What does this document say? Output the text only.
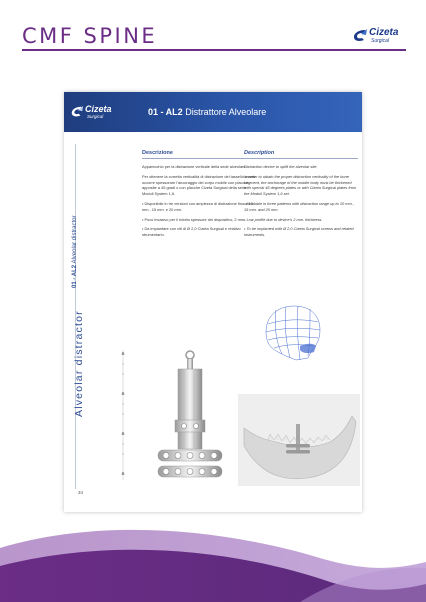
CMF SPINE	Cizeta
Surgical
Cizeta
Surgical	01 - AL2 Distrattore Alveolare
Alveolar distractor
01 - AL2 Alveolar distractor
Descrizione

Apparecchio per la distrazione verticale della sede alveolare.

Per ottenere la corretta verticalità di distrazione del tassello osseo occorre spessorare l'ancoraggio del corpo mobile con placche apposite a 45 gradi o con placche Cizeta Surgical della serie Moduli System 1,6.

• Disponibile in tre versioni con ampiezza di distrazione fino a 10 mm., 15 mm. e 20 mm.

• Poco invasivo per il ridotto spessore del dispositivo, 2 mm.

• Da impiantare con viti di Ø 2,0 Cizeta Surgical e relativo strumentario.

Description

Distraction device to splift the alveolar site.

In order to obtain the proper distraction verticality of the bone segment, the anchorage of the mobile body must be thickened with special 45 degrees plates or with Cizeta Surgical plates from the Moduli System 1,6 set.

• Available in three patterns with distraction range up to 10 mm., 15 mm. and 20 mm.

• Low profile due to device's 2 mm. thickness.

• To be implanted with Ø 2,0 Cizeta Surgical screws and related instruments.

34
